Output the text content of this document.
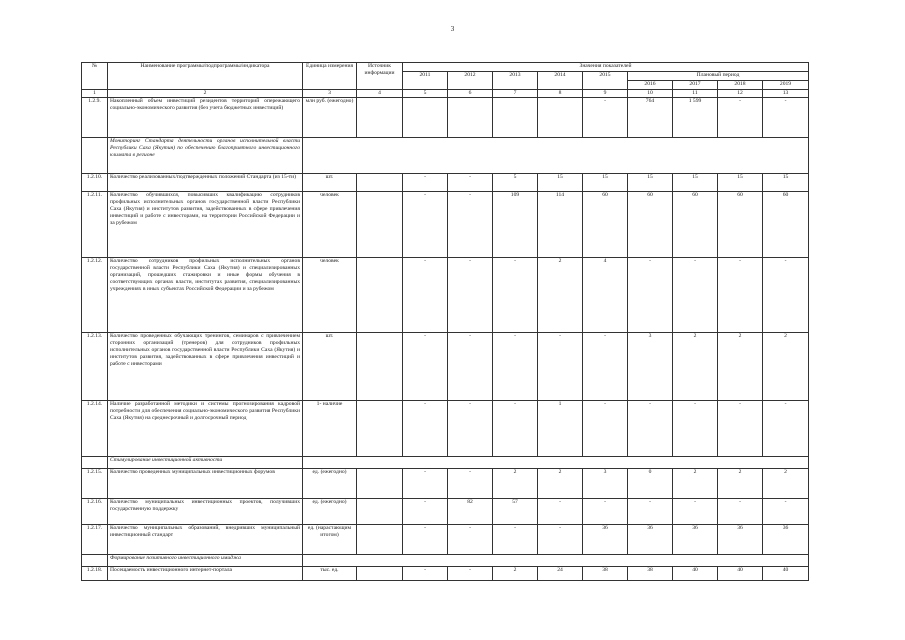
3
№	Наименование программы/подпрограммы/индикатора	Единица измерения	Источник информации	Значения показателей								
				2011	2012	2013	2014	2015	Плановый период			
									2016	2017	2018	2019
1	2	3	4	5	6	7	8	9	10	11	12	13
1.2.9.	Накопленный объем инвестиций резидентов территорий опережающего социально-экономического развития (без учета бюджетных инвестиций)	млн руб. (ежегодно)						-	764	1 599	-	-
	Мониторинг Стандарта деятельности органов исполнительной власти Республики Саха (Якутия) по обеспечению благоприятного инвестиционного климата в регионе											
1.2.10.	Количество реализованных/подтвержденных положений Стандарта (из 15-ти)	шт.		-	-	5	15	15	15	15	15	15
1.2.11.	Количество обучившихся, повысивших квалификацию сотрудников профильных исполнительных органов государственной власти Республики Саха (Якутия) и институтов развития, задействованных в сфере привлечения инвестиций и работе с инвесторами, на территории Российской Федерации и за рубежом	человек		-	-	109	114	60	60	60	60	60
1.2.12.	Количество сотрудников профильных исполнительных органов государственной власти Республики Саха (Якутия) и специализированных организаций, прошедших стажировки и иные формы обучения в соответствующих органах власти, институтах развития, специализированных учреждениях в иных субъектах Российской Федерации и за рубежом	человек		-	-	-	2	4	-	-	-	-
1.2.13.	Количество проведенных обучающих тренингов, семинаров с привлечением сторонних организаций (тренеров) для сотрудников профильных исполнительных органов государственной власти Республики Саха (Якутия) и институтов развития, задействованных в сфере привлечения инвестиций и работе с инвесторами	шт.		-	-	-	-	-	3	2	2	2
1.2.14.	Наличие разработанной методики и системы прогнозирования кадровой потребности для обеспечения социально-экономического развития Республики Саха (Якутия) на среднесрочный и долгосрочный период	1- наличие		-	-	-	1	-	-	-	-	-
	Стимулирование инвестиционной активности											
1.2.15.	Количество проведенных муниципальных инвестиционных форумов	ед. (ежегодно)		-	-	2	2	3	0	2	2	2
1.2.16.	Количество муниципальных инвестиционных проектов, получивших государственную поддержку	ед. (ежегодно)		-	82	57	-	-	-	-	-	-
1.2.17.	Количество муниципальных образований, внедривших муниципальный инвестиционный стандарт	ед. (нарастающим итогом)		-	-	-	-	36	36	36	36	36
	Формирование позитивного инвестиционного имиджа											
1.2.18.	Посещаемость инвестиционного интернет-портала	тыс. ед.		-	-	2	24	38	38	40	40	40
